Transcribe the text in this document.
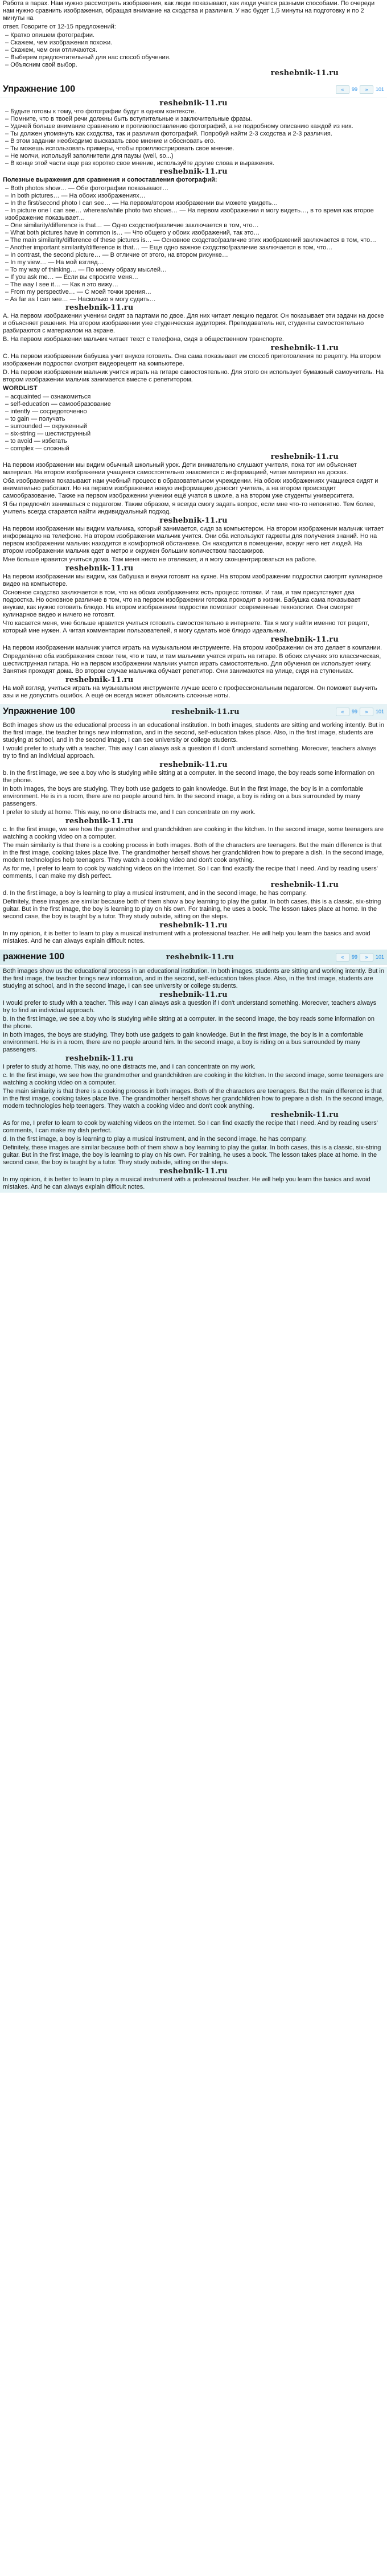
Работа в парах. Нам нужно рассмотреть изображения, как люди показывают, как люди учатся разными способами. По очереди нам нужно сравнить изображения, обращая внимание на сходства и различия. У нас будет 1,5 минуты на подготовку и по 2 минуты на

ответ. Говорите от 12-15 предложений:

– Кратко опишем фотографии.
– Скажем, чем изображения похожи.
– Скажем, чем они отличаются.
– Выберем предпочтительный для нас способ обучения.
– Объясним свой выбор.
reshebnik-11.ru
Упражнение 100	«	99	»	101
reshebnik-11.ru
– Будьте готовы к тому, что фотографии будут в одном контексте.
– Помните, что в твоей речи должны быть вступительные и заключительные фразы.
– Удачей больше внимание сравнению и противопоставлению фотографий, а не подробному описанию каждой из них.
– Ты должен упомянуть как сходства, так и различия фотографий. Попробуй найти 2-3 сходства и 2-3 различия.
– В этом задании необходимо высказать свое мнение и обосновать его.
– Ты можешь использовать примеры, чтобы проиллюстрировать свое мнение.
– Не молчи, используй заполнители для паузы (well, so...)
– В конце этой части еще раз коротко свое мнение, используйте другие слова и выражения.
reshebnik-11.ru

Полезные выражения для сравнения и сопоставления фотографий:

– Both photos show… — Обе фотографии показывают…
– In both pictures… — На обоих изображениях…
– In the first/second photo I can see… — На первом/втором изображении вы можете увидеть…
– In picture one I can see… whereas/while photo two shows… — На первом изображении я могу видеть…, в то время как второе изображение показывает…
– One similarity/difference is that… — Одно сходство/различие заключается в том, что…
– What both pictures have in common is… — Что общего у обоих изображений, так это…
– The main similarity/difference of these pictures is… — Основное сходство/различие этих изображений заключается в том, что…
– Another important similarity/difference is that… — Еще одно важное сходство/различие заключается в том, что…
– In contrast, the second picture… — В отличие от этого, на втором рисунке…
– In my view… — На мой взгляд…
– To my way of thinking… — По моему образу мыслей…
– If you ask me… — Если вы спросите меня…
– The way I see it… — Как я это вижу…
– From my perspective… — С моей точки зрения…
– As far as I can see… — Насколько я могу судить…
reshebnik-11.ru

А. На первом изображении ученики сидят за партами по двое. Для них читает лекцию педагог. Он показывает эти задачи на доске и объясняет решения. На втором изображении уже студенческая аудитория. Преподаватель нет, студенты самостоятельно разбираются с материалом на экране.

В. На первом изображении мальчик читает текст с телефона, сидя в общественном транспорте.

reshebnik-11.ru

С. На первом изображении бабушка учит внуков готовить. Она сама показывает им способ приготовления по рецепту. На втором изображении подростки смотрят видеорецепт на компьютере.

D. На первом изображении мальчик учится играть на гитаре самостоятельно. Для этого он использует бумажный самоучитель. На втором изображении мальчик занимается вместе с репетитором.

WORDLIST

– acquainted — ознакомиться
– self-education — самообразование
– intently — сосредоточенно
– to gain — получать
– surrounded — окруженный
– six-string — шестиструнный
– to avoid — избегать
– complex — сложный
reshebnik-11.ru

На первом изображении мы видим обычный школьный урок. Дети внимательно слушают учителя, пока тот им объясняет материал. На втором изображении учащиеся самостоятельно знакомятся с информацией, читая материал на досках.

Оба изображения показывают нам учебный процесс в образовательном учреждении. На обоих изображениях учащиеся сидят и внимательно работают. Но на первом изображении новую информацию доносит учитель, а на втором происходит самообразование. Также на первом изображении ученики ещё учатся в школе, а на втором уже студенты университета.

Я бы предпочёл заниматься с педагогом. Таким образом, я всегда смогу задать вопрос, если мне что-то непонятно. Тем более, учитель всегда старается найти индивидуальный подход.

reshebnik-11.ru

На первом изображении мы видим мальчика, который занимается, сидя за компьютером. На втором изображении мальчик читает информацию на телефоне. На втором изображении мальчик учится. Они оба используют гаджеты для получения знаний. Но на первом изображении мальчик находится в комфортной обстановке. Он находится в помещении, вокруг него нет людей. На втором изображении мальчик едет в метро и окружен большим количеством пассажиров.

Мне больше нравится учиться дома. Там меня никто не отвлекает, и я могу сконцентрироваться на работе.

reshebnik-11.ru

На первом изображении мы видим, как бабушка и внуки готовят на кухне. На втором изображении подростки смотрят кулинарное видео на компьютере.

Основное сходство заключается в том, что на обоих изображениях есть процесс готовки. И там, и там присутствуют два подростка. Но основное различие в том, что на первом изображении готовка проходит в жизни. Бабушка сама показывает внукам, как нужно готовить блюдо. На втором изображении подростки помогают современные технологии. Они смотрят кулинарное видео и ничего не готовят.

Что касается меня, мне больше нравится учиться готовить самостоятельно в интернете. Так я могу найти именно тот рецепт, который мне нужен. А читая комментарии пользователей, я могу сделать моё блюдо идеальным.

reshebnik-11.ru

На первом изображении мальчик учится играть на музыкальном инструменте. На втором изображении он это делает в компании.

Определённо оба изображения схожи тем, что и там, и там мальчики учатся играть на гитаре. В обоих случаях это классическая, шестиструнная гитара. Но на первом изображении мальчик учится играть самостоятельно. Для обучения он использует книгу. Занятия проходят дома. Во втором случае мальчика обучает репетитор. Они занимаются на улице, сидя на ступеньках.

reshebnik-11.ru

На мой взгляд, учиться играть на музыкальном инструменте лучше всего с профессиональным педагогом. Он поможет выучить азы и не допустить ошибок. А ещё он всегда может объяснить сложные ноты.

Упражнение 100	reshebnik-11.ru	«	99	»	101

Both images show us the educational process in an educational institution. In both images, students are sitting and working intently. But in the first image, the teacher brings new information, and in the second, self-education takes place. Also, in the first image, students are studying at school, and in the second image, I can see university or college students.

I would prefer to study with a teacher. This way I can always ask a question if I don't understand something. Moreover, teachers always try to find an individual approach.

reshebnik-11.ru

b. In the first image, we see a boy who is studying while sitting at a computer. In the second image, the boy reads some information on the phone.

In both images, the boys are studying. They both use gadgets to gain knowledge. But in the first image, the boy is in a comfortable environment. He is in a room, there are no people around him. In the second image, a boy is riding on a bus surrounded by many passengers.

I prefer to study at home. This way, no one distracts me, and I can concentrate on my work.

reshebnik-11.ru

c. In the first image, we see how the grandmother and grandchildren are cooking in the kitchen. In the second image, some teenagers are watching a cooking video on a computer.

The main similarity is that there is a cooking process in both images. Both of the characters are teenagers. But the main difference is that in the first image, cooking takes place live. The grandmother herself shows her grandchildren how to prepare a dish. In the second image, modern technologies help teenagers. They watch a cooking video and don't cook anything.

As for me, I prefer to learn to cook by watching videos on the Internet. So I can find exactly the recipe that I need. And by reading users' comments, I can make my dish perfect.

reshebnik-11.ru

d. In the first image, a boy is learning to play a musical instrument, and in the second image, he has company.

Definitely, these images are similar because both of them show a boy learning to play the guitar. In both cases, this is a classic, six-string guitar. But in the first image, the boy is learning to play on his own. For training, he uses a book. The lesson takes place at home. In the second case, the boy is taught by a tutor. They study outside, sitting on the steps.

reshebnik-11.ru

In my opinion, it is better to learn to play a musical instrument with a professional teacher. He will help you learn the basics and avoid mistakes. And he can always explain difficult notes.

ражнение 100	reshebnik-11.ru	«	99	»	101

Both images show us the educational process in an educational institution. In both images, students are sitting and working intently. But in the first image, the teacher brings new information, and in the second, self-education takes place. Also, in the first image, students are studying at school, and in the second image, I can see university or college students.

reshebnik-11.ru

I would prefer to study with a teacher. This way I can always ask a question if I don't understand something. Moreover, teachers always try to find an individual approach.

b. In the first image, we see a boy who is studying while sitting at a computer. In the second image, the boy reads some information on the phone.

In both images, the boys are studying. They both use gadgets to gain knowledge. But in the first image, the boy is in a comfortable environment. He is in a room, there are no people around him. In the second image, a boy is riding on a bus surrounded by many passengers.

reshebnik-11.ru

I prefer to study at home. This way, no one distracts me, and I can concentrate on my work.

c. In the first image, we see how the grandmother and grandchildren are cooking in the kitchen. In the second image, some teenagers are watching a cooking video on a computer.

The main similarity is that there is a cooking process in both images. Both of the characters are teenagers. But the main difference is that in the first image, cooking takes place live. The grandmother herself shows her grandchildren how to prepare a dish. In the second image, modern technologies help teenagers. They watch a cooking video and don't cook anything.

reshebnik-11.ru

As for me, I prefer to learn to cook by watching videos on the Internet. So I can find exactly the recipe that I need. And by reading users' comments, I can make my dish perfect.

d. In the first image, a boy is learning to play a musical instrument, and in the second image, he has company.

Definitely, these images are similar because both of them show a boy learning to play the guitar. In both cases, this is a classic, six-string guitar. But in the first image, the boy is learning to play on his own. For training, he uses a book. The lesson takes place at home. In the second case, the boy is taught by a tutor. They study outside, sitting on the steps.

reshebnik-11.ru

In my opinion, it is better to learn to play a musical instrument with a professional teacher. He will help you learn the basics and avoid mistakes. And he can always explain difficult notes.
